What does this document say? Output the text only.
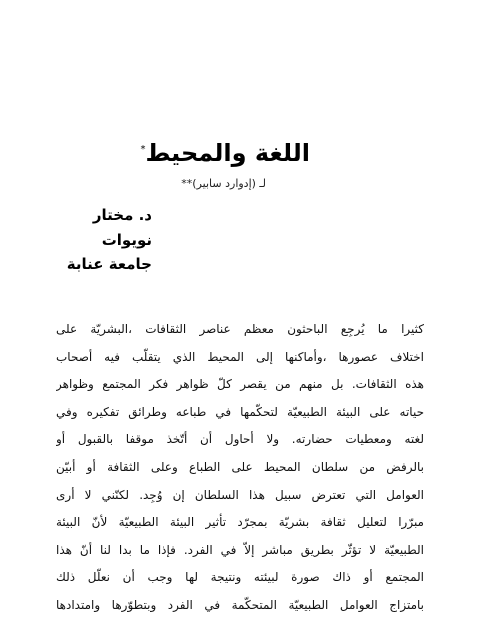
اللغة والمحيط*
لـ (إدوارد سابير)**
د. مختار
نويوات
جامعة عنابة
كثيرا ما يُرجِع الباحثون معظم عناصر الثقافات ،البشريّة على
اختلاف عصورها ،وأماكنها إلى المحيط الذي يتقلّب فيه أصحاب
هذه الثقافات. بل منهم من يقصر كلّ ظواهر فكر المجتمع وظواهر
حياته على البيئة الطبيعيّة لتحكّمها في طباعه وطرائق تفكيره وفي
لغته ومعطيات حضارته. ولا أحاول أن أتّخذ موقفا بالقبول أو
بالرفض من سلطان المحيط على الطباع وعلى الثقافة أو أبيّن
العوامل التي تعترض سبيل هذا السلطان إن وُجِد. لكنّني لا أرى
مبرّرا لتعليل ثقافة بشريّة بمجرّد تأثير البيئة الطبيعيّة لأنّ البيئة
الطبيعيّة لا تؤثّر بطريق مباشر إلاّ في الفرد. فإذا ما بدا لنا أنّ هذا
المجتمع أو ذاك صورة لبيئته ونتيجة لها وجب أن نعلّل ذلك
بامتزاج العوامل الطبيعيّة المتحكّمة في الفرد وبتطوّرها وامتدادها
